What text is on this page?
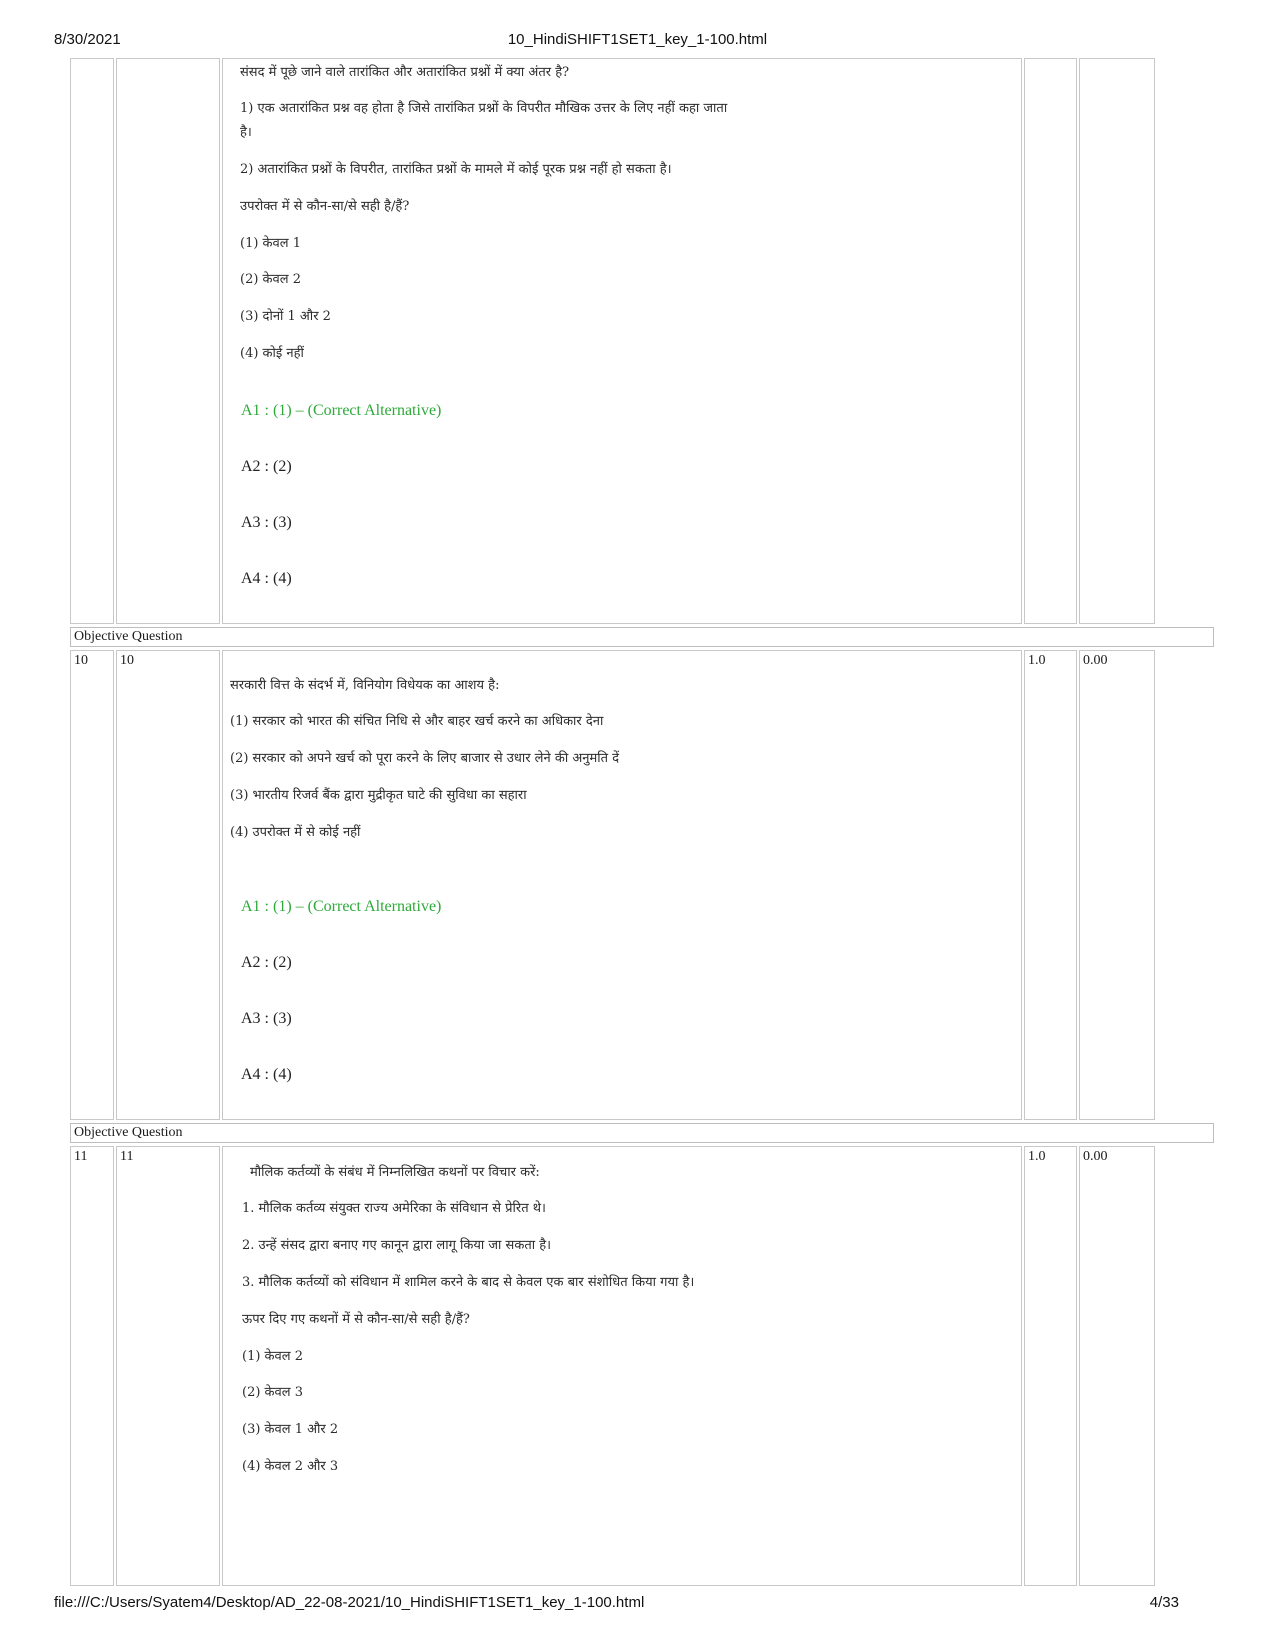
8/30/2021	10_HindiSHIFT1SET1_key_1-100.html

संसद में पूछे जाने वाले तारांकित और अतारांकित प्रश्नों में क्या अंतर है?

1) एक अतारांकित प्रश्न वह होता है जिसे तारांकित प्रश्नों के विपरीत मौखिक उत्तर के लिए नहीं कहा जाता

है।

2) अतारांकित प्रश्नों के विपरीत, तारांकित प्रश्नों के मामले में कोई पूरक प्रश्न नहीं हो सकता है।

उपरोक्त में से कौन-सा/से सही है/हैं?

(1) केवल 1

(2) केवल 2

(3) दोनों 1 और 2

(4) कोई नहीं

A1 : (1) – (Correct Alternative)
A2 : (2)
A3 : (3)
A4 : (4)
Objective Question
10	10	1.0	0.00

सरकारी वित्त के संदर्भ में, विनियोग विधेयक का आशय है:

(1) सरकार को भारत की संचित निधि से और बाहर खर्च करने का अधिकार देना

(2) सरकार को अपने खर्च को पूरा करने के लिए बाजार से उधार लेने की अनुमति दें

(3) भारतीय रिजर्व बैंक द्वारा मुद्रीकृत घाटे की सुविधा का सहारा

(4) उपरोक्त में से कोई नहीं

A1 : (1) – (Correct Alternative)
A2 : (2)
A3 : (3)
A4 : (4)
Objective Question
11	11	1.0	0.00

मौलिक कर्तव्यों के संबंध में निम्नलिखित कथनों पर विचार करें:

1. मौलिक कर्तव्य संयुक्त राज्य अमेरिका के संविधान से प्रेरित थे।

2. उन्हें संसद द्वारा बनाए गए कानून द्वारा लागू किया जा सकता है।

3. मौलिक कर्तव्यों को संविधान में शामिल करने के बाद से केवल एक बार संशोधित किया गया है।

ऊपर दिए गए कथनों में से कौन-सा/से सही है/हैं?

(1) केवल 2

(2) केवल 3

(3) केवल 1 और 2

(4) केवल 2 और 3

file:///C:/Users/Syatem4/Desktop/AD_22-08-2021/10_HindiSHIFT1SET1_key_1-100.html	4/33
